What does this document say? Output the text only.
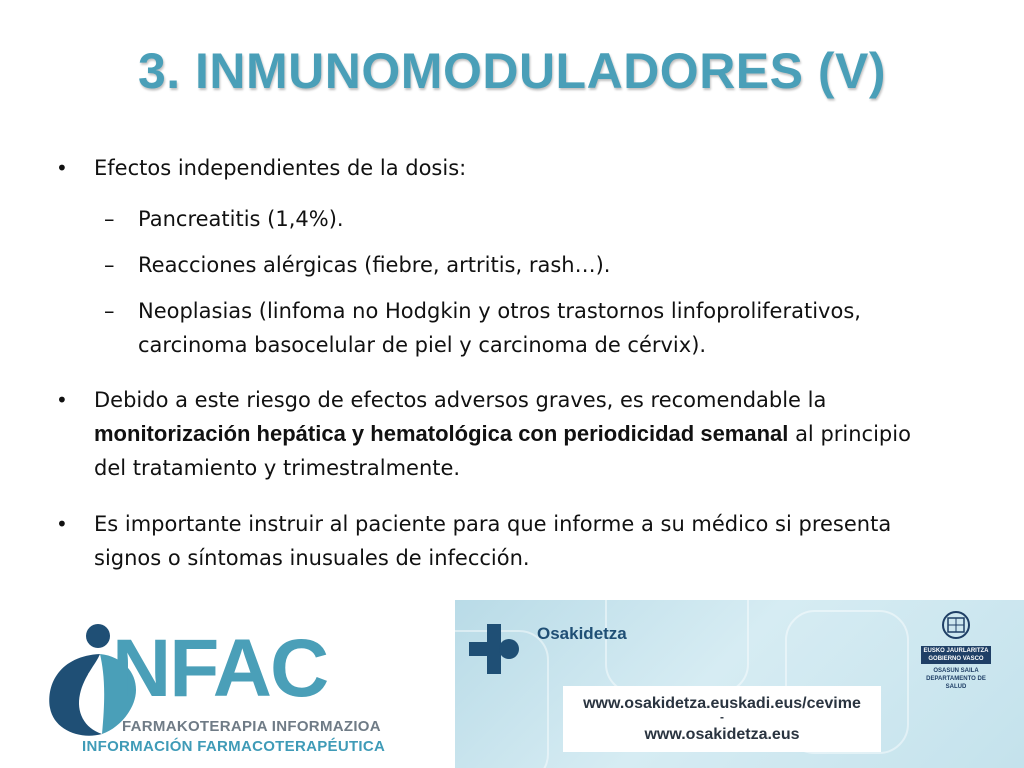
3. INMUNOMODULADORES (V)
• Efectos independientes de la dosis:
– Pancreatitis (1,4%).
– Reacciones alérgicas (fiebre, artritis, rash…).
– Neoplasias (linfoma no Hodgkin y otros trastornos linfoproliferativos,
carcinoma basocelular de piel y carcinoma de cérvix).
• Debido a este riesgo de efectos adversos graves, es recomendable la
monitorización hepática y hematológica con periodicidad semanal al principio
del tratamiento y trimestralmente.
• Es importante instruir al paciente para que informe a su médico si presenta
signos o síntomas inusuales de infección.
NFAC
FARMAKOTERAPIA INFORMAZIOA
INFORMACIÓN FARMACOTERAPÉUTICA
Osakidetza
www.osakidetza.euskadi.eus/cevime
-
www.osakidetza.eus
EUSKO JAURLARITZA
GOBIERNO VASCO
OSASUN SAILA
DEPARTAMENTO DE SALUD
